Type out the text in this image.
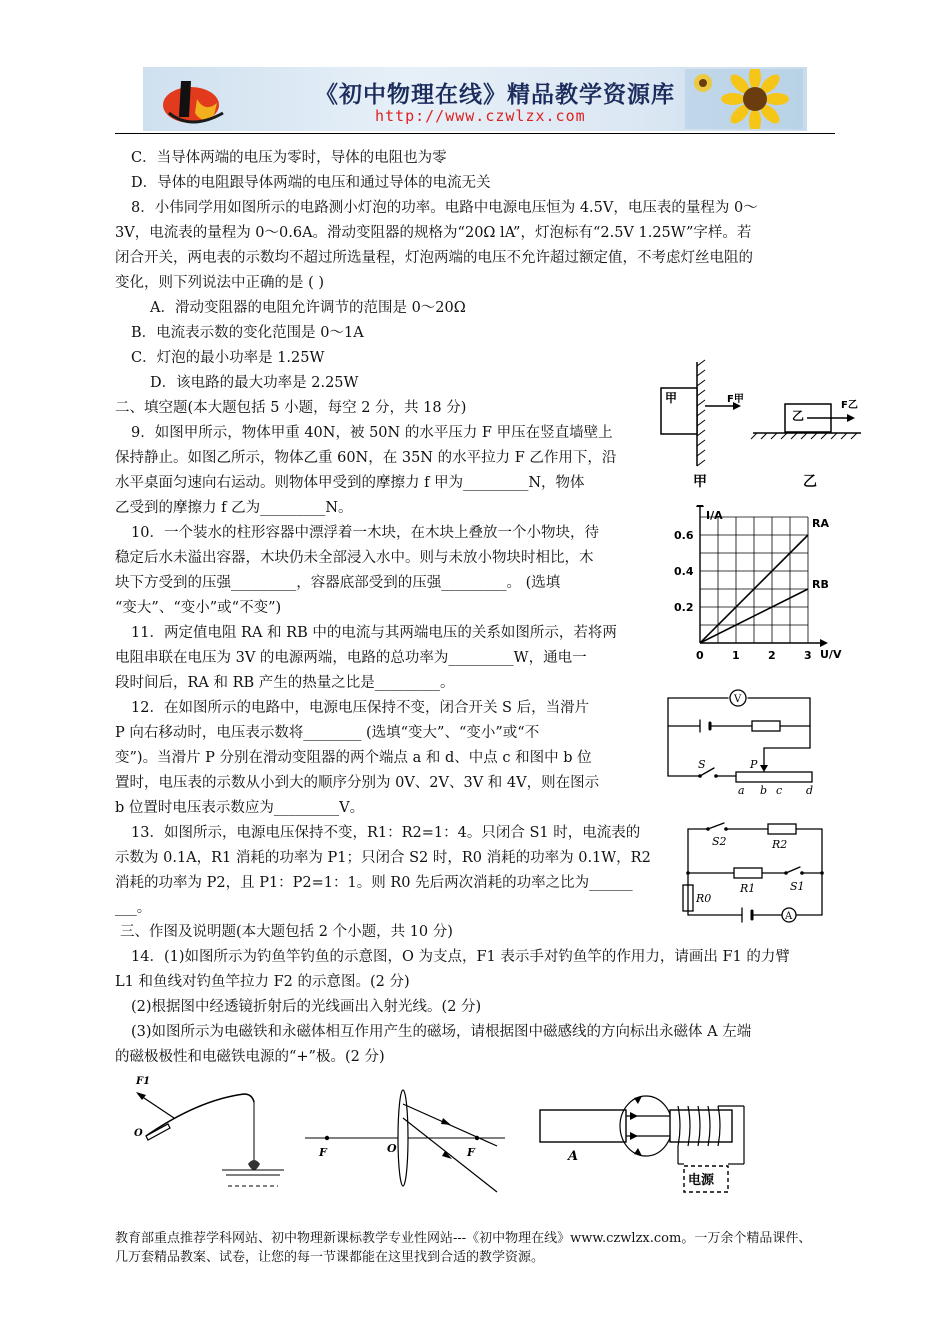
《初中物理在线》精品教学资源库
http://www.czwlzx.com
C．当导体两端的电压为零时，导体的电阻也为零
D．导体的电阻跟导体两端的电压和通过导体的电流无关
8．小伟同学用如图所示的电路测小灯泡的功率。电路中电源电压恒为 4.5V，电压表的量程为 0～
3V，电流表的量程为 0～0.6A。滑动变阻器的规格为“20Ω lA”，灯泡标有“2.5V 1.25W”字样。若
闭合开关，两电表的示数均不超过所选量程，灯泡两端的电压不允许超过额定值，不考虑灯丝电阻的
变化，则下列说法中正确的是 ( )
A．滑动变阻器的电阻允许调节的范围是 0～20Ω
B．电流表示数的变化范围是 0～1A
C．灯泡的最小功率是 1.25W
D．该电路的最大功率是 2.25W
二、填空题(本大题包括 5 小题，每空 2 分，共 18 分)
9．如图甲所示，物体甲重 40N，被 50N 的水平压力 F 甲压在竖直墙壁上
保持静止。如图乙所示，物体乙重 60N，在 35N 的水平拉力 F 乙作用下，沿
水平桌面匀速向右运动。则物体甲受到的摩擦力 f 甲为_________N，物体
乙受到的摩擦力 f 乙为_________N。
10．一个装水的柱形容器中漂浮着一木块，在木块上叠放一个小物块，待
稳定后水未溢出容器，木块仍未全部浸入水中。则与未放小物块时相比，木
块下方受到的压强_________，容器底部受到的压强_________。 (选填
“变大”、“变小”或“不变”)
11．两定值电阻 RA 和 RB 中的电流与其两端电压的关系如图所示，若将两
电阻串联在电压为 3V 的电源两端，电路的总功率为_________W，通电一
段时间后，RA 和 RB 产生的热量之比是_________。
12．在如图所示的电路中，电源电压保持不变，闭合开关 S 后，当滑片
P 向右移动时，电压表示数将________ (选填“变大”、“变小”或“不
变”)。当滑片 P 分别在滑动变阻器的两个端点 a 和 d、中点 c 和图中 b 位
置时，电压表的示数从小到大的顺序分别为 0V、2V、3V 和 4V，则在图示
b 位置时电压表示数应为_________V。
13．如图所示，电源电压保持不变，R1：R2=1：4。只闭合 S1 时，电流表的
示数为 0.1A，R1 消耗的功率为 P1；只闭合 S2 时，R0 消耗的功率为 0.1W，R2
消耗的功率为 P2，且 P1：P2=1：1。则 R0 先后两次消耗的功率之比为______
___。
三、作图及说明题(本大题包括 2 个小题，共 10 分)
14．(1)如图所示为钓鱼竿钓鱼的示意图，O 为支点，F1 表示手对钓鱼竿的作用力，请画出 F1 的力臂
L1 和鱼线对钓鱼竿拉力 F2 的示意图。(2 分)
(2)根据图中经透镜折射后的光线画出入射光线。(2 分)
(3)如图所示为电磁铁和永磁体相互作用产生的磁场，请根据图中磁感线的方向标出永磁体 A 左端
的磁极极性和电磁铁电源的“+”极。(2 分)
甲	F甲
乙
F乙
甲	乙
0	1	2	3
0.2
0.4
0.6
I/A
U/V
RA
RB
V
S	P
a b c d
A
S2	R2
R1	S1
R0
F1
O
F	O	F	A
电源
教育部重点推荐学科网站、初中物理新课标教学专业性网站---《初中物理在线》www.czwlzx.com。一万余个精品课件、
几万套精品教案、试卷，让您的每一节课都能在这里找到合适的教学资源。
